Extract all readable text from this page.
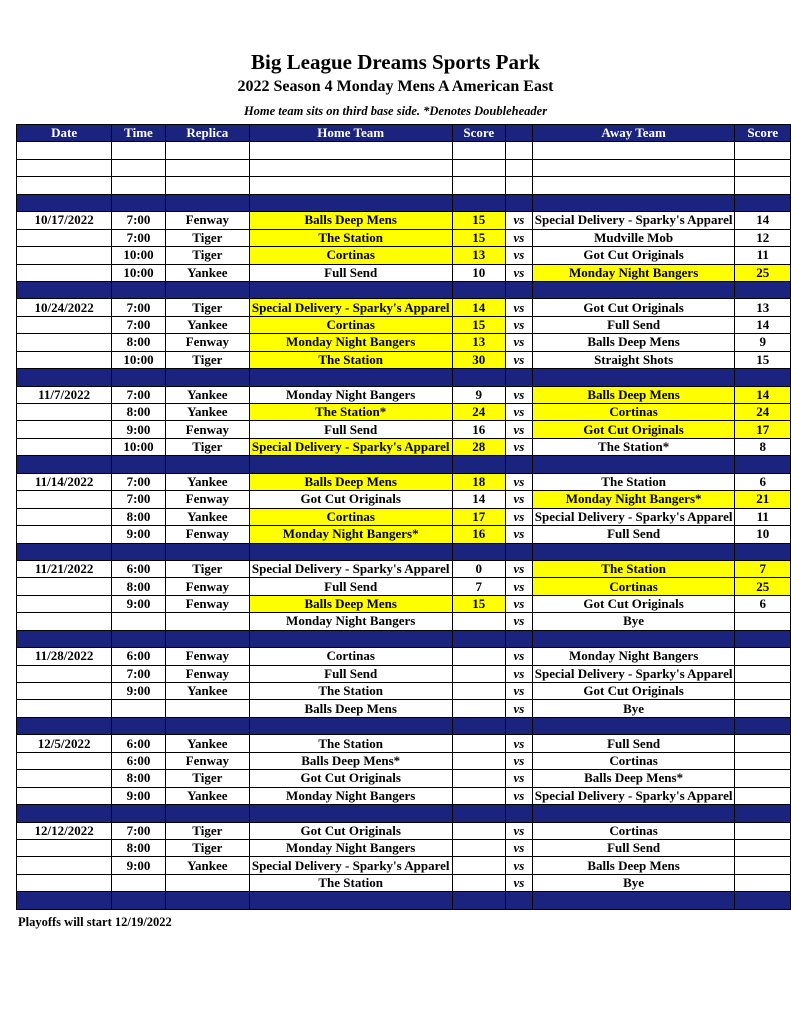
Big League Dreams Sports Park
2022 Season 4 Monday Mens A American East
Home team sits on third base side. *Denotes Doubleheader
Date	Time	Replica	Home Team	Score		Away Team	Score

10/17/2022	7:00	Fenway	Balls Deep Mens	15	vs	Special Delivery - Sparky's Apparel	14
	7:00	Tiger	The Station	15	vs	Mudville Mob	12
	10:00	Tiger	Cortinas	13	vs	Got Cut Originals	11
	10:00	Yankee	Full Send	10	vs	Monday Night Bangers	25

10/24/2022	7:00	Tiger	Special Delivery - Sparky's Apparel	14	vs	Got Cut Originals	13
	7:00	Yankee	Cortinas	15	vs	Full Send	14
	8:00	Fenway	Monday Night Bangers	13	vs	Balls Deep Mens	9
	10:00	Tiger	The Station	30	vs	Straight Shots	15

11/7/2022	7:00	Yankee	Monday Night Bangers	9	vs	Balls Deep Mens	14
	8:00	Yankee	The Station*	24	vs	Cortinas	24
	9:00	Fenway	Full Send	16	vs	Got Cut Originals	17
	10:00	Tiger	Special Delivery - Sparky's Apparel	28	vs	The Station*	8

11/14/2022	7:00	Yankee	Balls Deep Mens	18	vs	The Station	6
	7:00	Fenway	Got Cut Originals	14	vs	Monday Night Bangers*	21
	8:00	Yankee	Cortinas	17	vs	Special Delivery - Sparky's Apparel	11
	9:00	Fenway	Monday Night Bangers*	16	vs	Full Send	10

11/21/2022	6:00	Tiger	Special Delivery - Sparky's Apparel	0	vs	The Station	7
	8:00	Fenway	Full Send	7	vs	Cortinas	25
	9:00	Fenway	Balls Deep Mens	15	vs	Got Cut Originals	6
			Monday Night Bangers		vs	Bye	

11/28/2022	6:00	Fenway	Cortinas		vs	Monday Night Bangers	
	7:00	Fenway	Full Send		vs	Special Delivery - Sparky's Apparel	
	9:00	Yankee	The Station		vs	Got Cut Originals	
			Balls Deep Mens		vs	Bye	

12/5/2022	6:00	Yankee	The Station		vs	Full Send	
	6:00	Fenway	Balls Deep Mens*		vs	Cortinas	
	8:00	Tiger	Got Cut Originals		vs	Balls Deep Mens*	
	9:00	Yankee	Monday Night Bangers		vs	Special Delivery - Sparky's Apparel	

12/12/2022	7:00	Tiger	Got Cut Originals		vs	Cortinas	
	8:00	Tiger	Monday Night Bangers		vs	Full Send	
	9:00	Yankee	Special Delivery - Sparky's Apparel		vs	Balls Deep Mens	
			The Station		vs	Bye	

Playoffs will start 12/19/2022
